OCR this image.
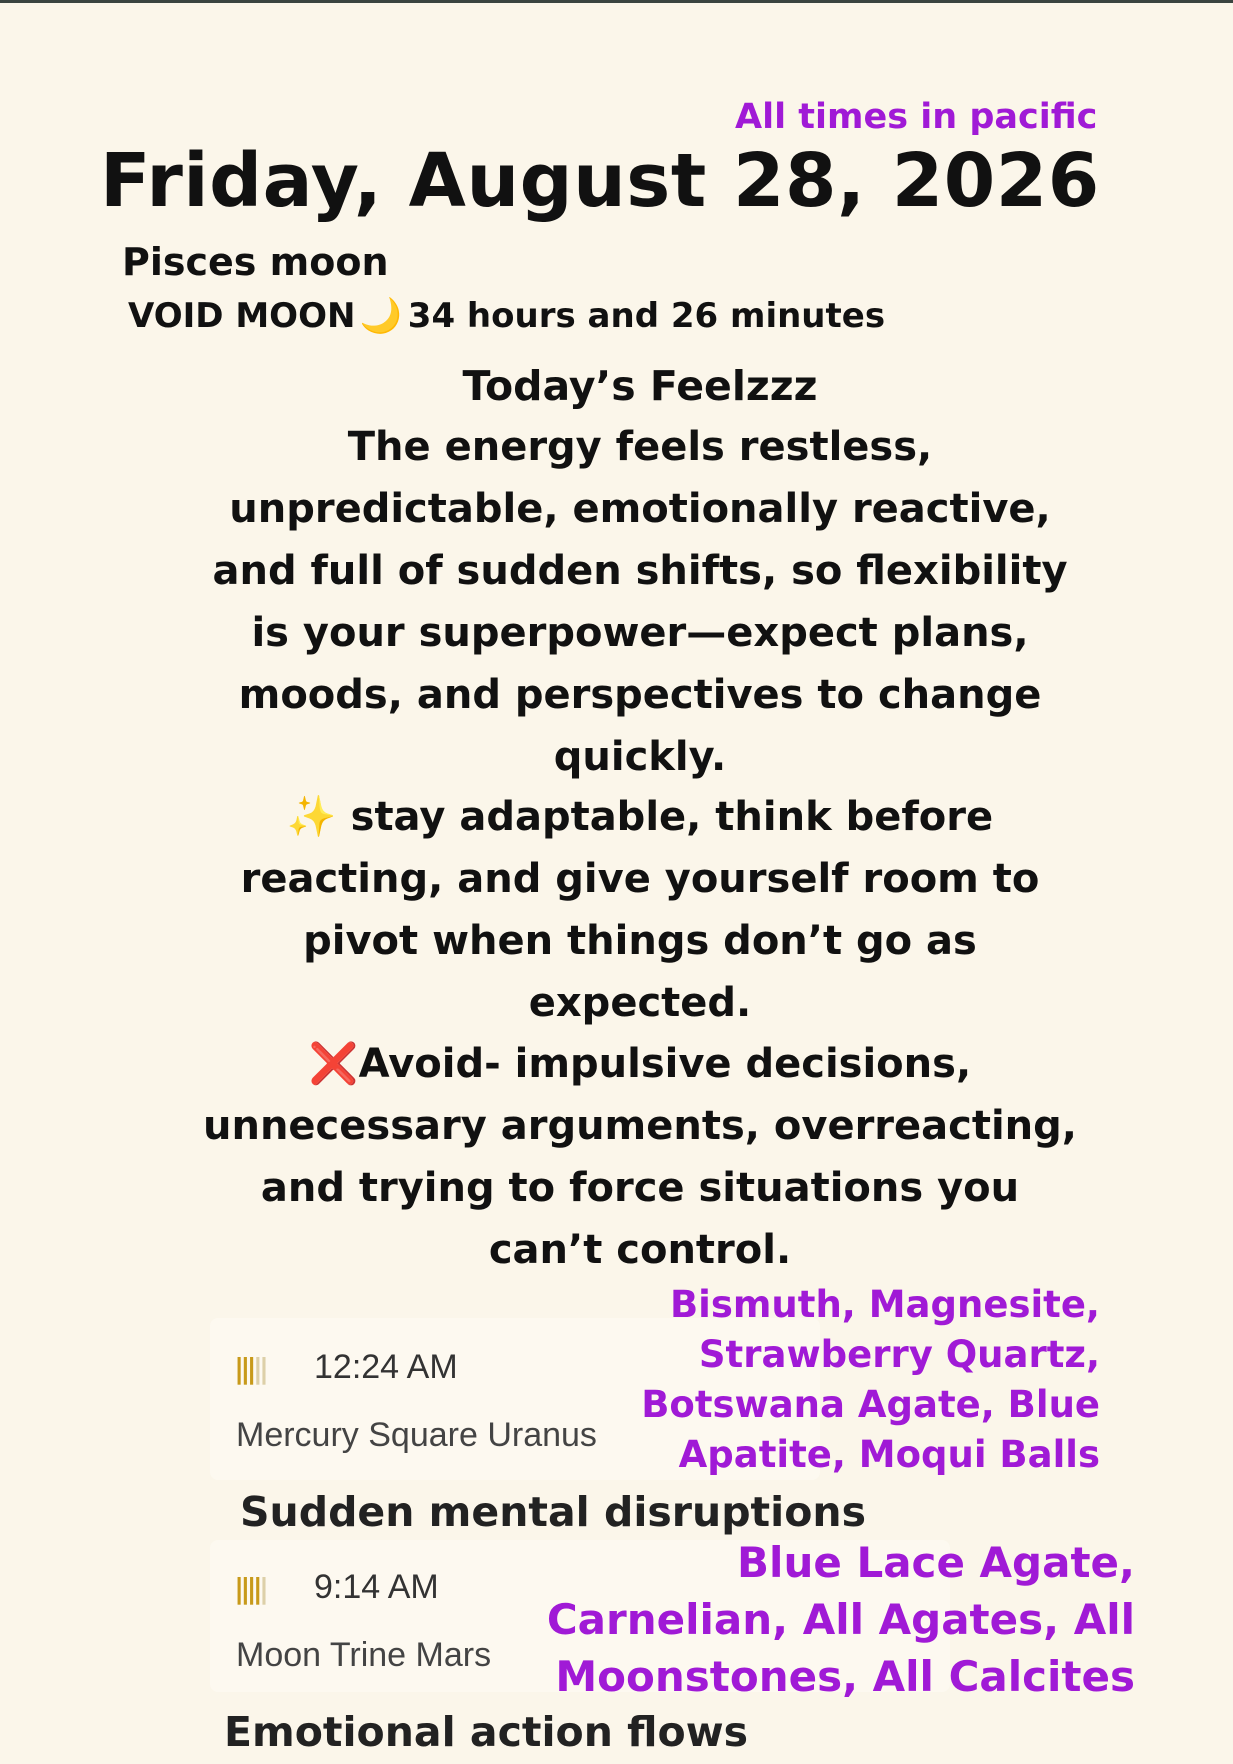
All times in pacific
Friday, August 28, 2026
Pisces moon
VOID MOON 🌙 34 hours and 26 minutes
Today’s Feelzzz
The energy feels restless,
unpredictable, emotionally reactive,
and full of sudden shifts, so flexibility
is your superpower—expect plans,
moods, and perspectives to change
quickly.
✨ stay adaptable, think before
reacting, and give yourself room to
pivot when things don’t go as
expected.
❌Avoid- impulsive decisions,
unnecessary arguments, overreacting,
and trying to force situations you
can’t control.
||||| 12:24 AM
Mercury Square Uranus
Sudden mental disruptions
Bismuth, Magnesite,
Strawberry Quartz,
Botswana Agate, Blue
Apatite, Moqui Balls
||||| 9:14 AM
Moon Trine Mars
Emotional action flows
Blue Lace Agate,
Carnelian, All Agates, All
Moonstones, All Calcites
